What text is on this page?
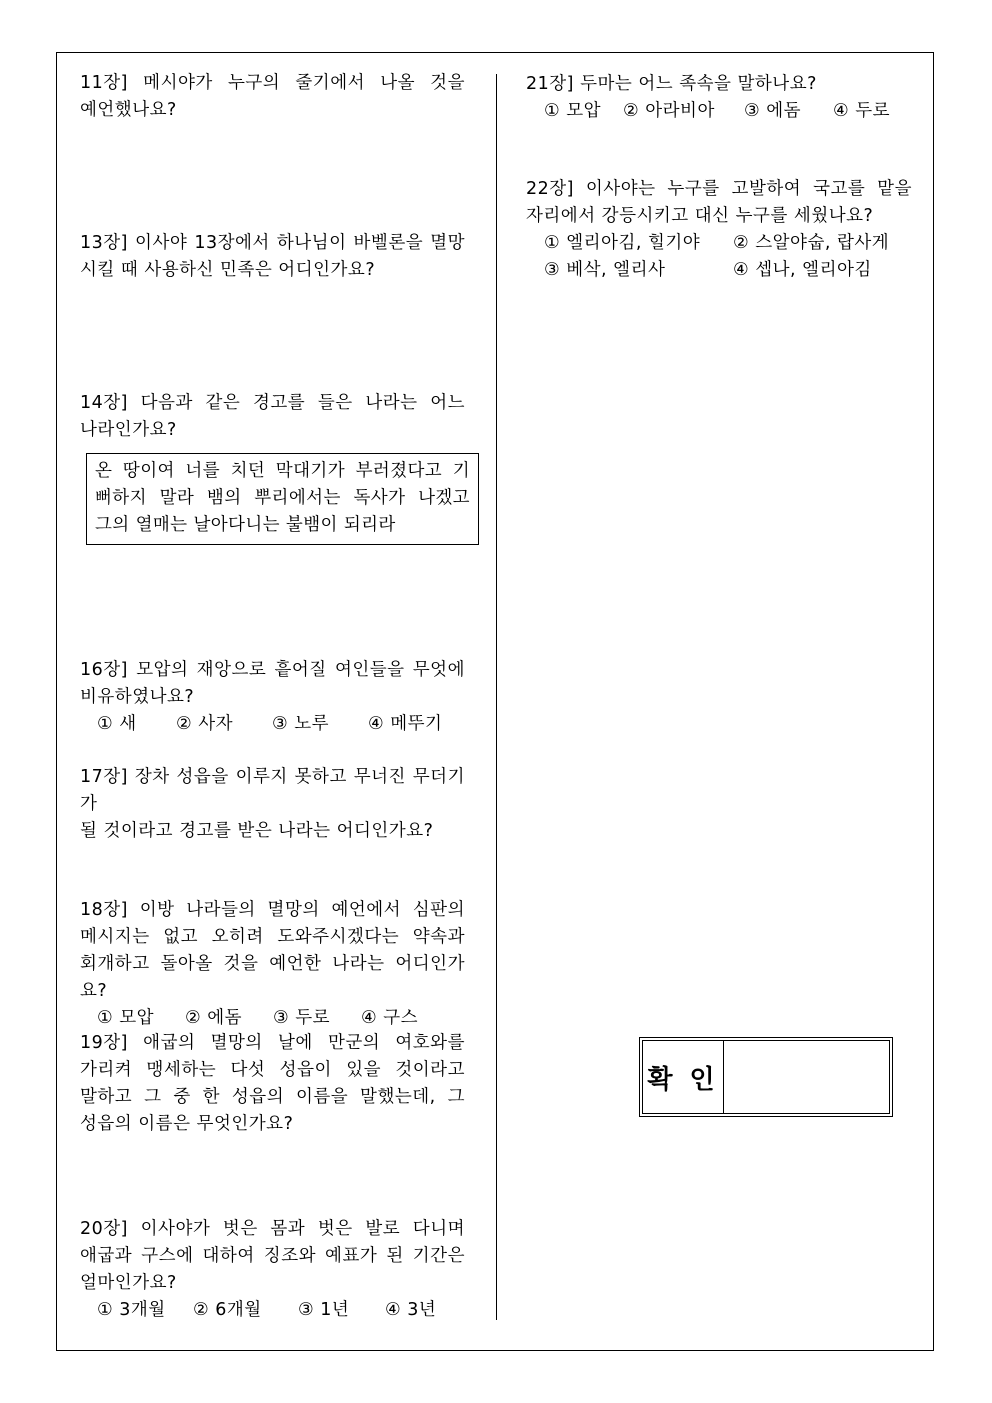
11장] 메시야가 누구의 줄기에서 나올 것을
예언했나요?
13장] 이사야 13장에서 하나님이 바벨론을 멸망
시킬 때 사용하신 민족은 어디인가요?
14장] 다음과 같은 경고를 들은 나라는 어느
나라인가요?
온 땅이여 너를 치던 막대기가 부러졌다고 기
뻐하지 말라 뱀의 뿌리에서는 독사가 나겠고
그의 열매는 날아다니는 불뱀이 되리라
16장] 모압의 재앙으로 흩어질 여인들을 무엇에
비유하였나요?
① 새	② 사자	③ 노루	④ 메뚜기
17장] 장차 성읍을 이루지 못하고 무너진 무더기가
될 것이라고 경고를 받은 나라는 어디인가요?
18장] 이방 나라들의 멸망의 예언에서 심판의
메시지는 없고 오히려 도와주시겠다는 약속과
회개하고 돌아올 것을 예언한 나라는 어디인가요?
① 모압	② 에돔	③ 두로	④ 구스
19장] 애굽의 멸망의 날에 만군의 여호와를
가리켜 맹세하는 다섯 성읍이 있을 것이라고
말하고 그 중 한 성읍의 이름을 말했는데, 그
성읍의 이름은 무엇인가요?
20장] 이사야가 벗은 몸과 벗은 발로 다니며
애굽과 구스에 대하여 징조와 예표가 된 기간은
얼마인가요?
① 3개월	② 6개월	③ 1년	④ 3년
21장] 두마는 어느 족속을 말하나요?
① 모압	② 아라비아	③ 에돔	④ 두로
22장] 이사야는 누구를 고발하여 국고를 맡을
자리에서 강등시키고 대신 누구를 세웠나요?
① 엘리아김, 힐기야	② 스알야숩, 랍사게
③ 베삭, 엘리사	④ 셉나, 엘리아김
확 인
